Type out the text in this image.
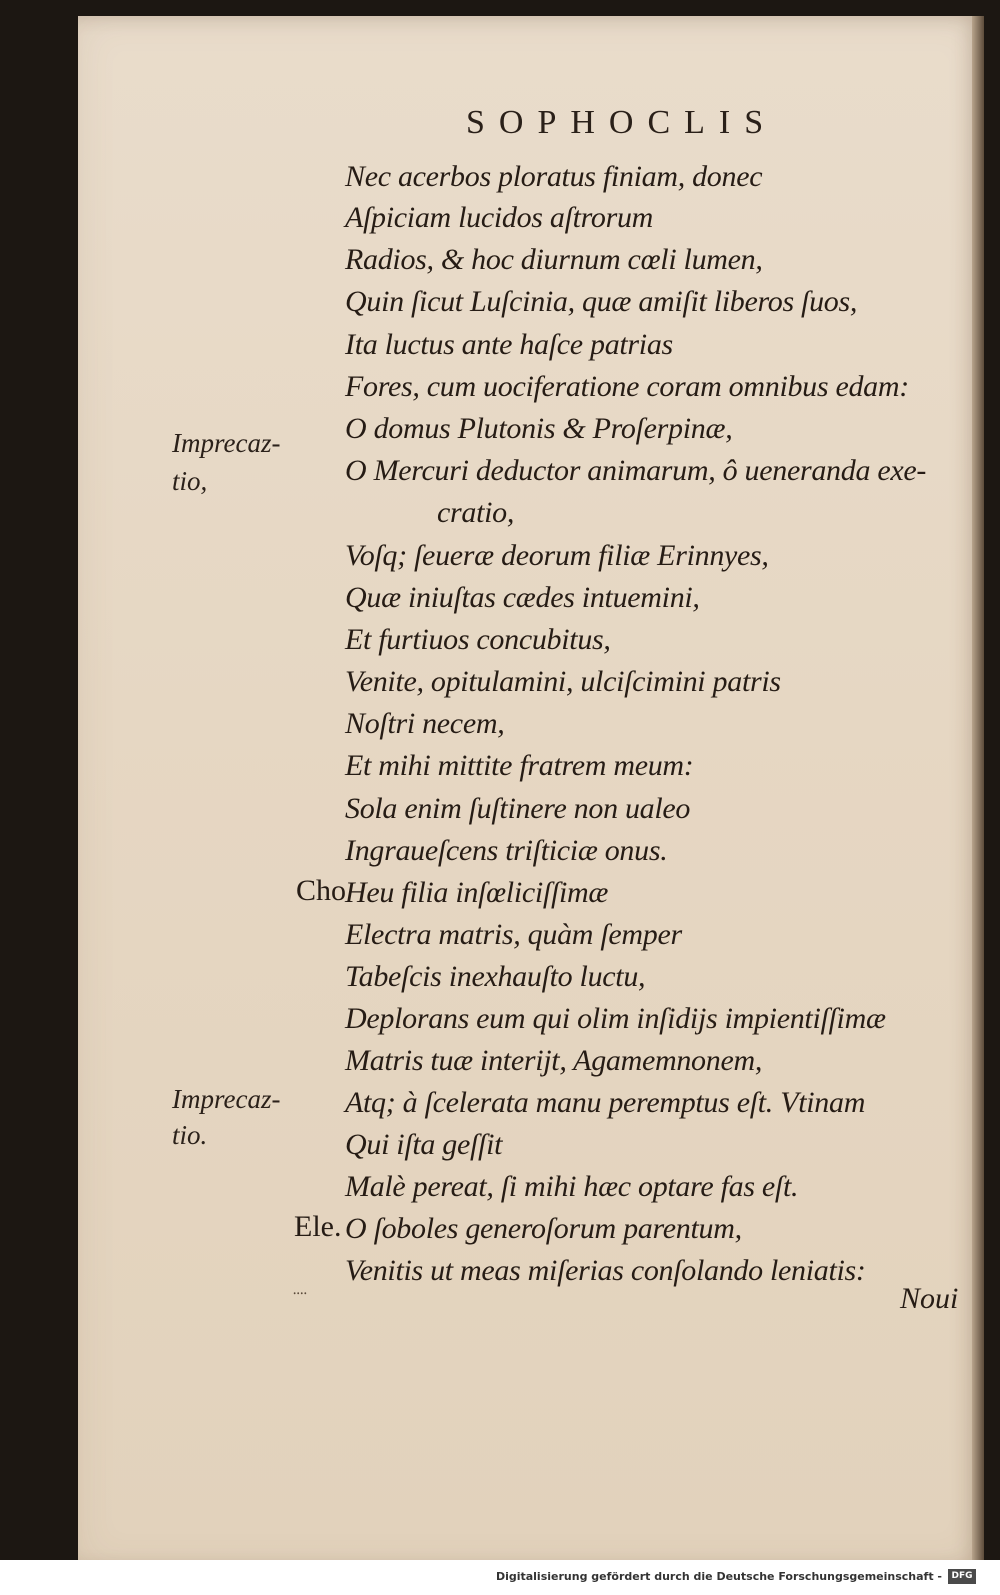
SOPHOCLIS
Nec acerbos ploratus finiam, donec
Aſpiciam lucidos aſtrorum
Radios, & hoc diurnum cœli lumen,
Quin ſicut Luſcinia, quæ amiſit liberos ſuos,
Ita luctus ante haſce patrias
Fores, cum uociferatione coram omnibus edam:
O domus Plutonis & Proſerpinæ,
O Mercuri deductor animarum, ô ueneranda exe-
cratio,
Voſq; ſeueræ deorum filiæ Erinnyes,
Quæ iniuſtas cædes intuemini,
Et furtiuos concubitus,
Venite, opitulamini, ulciſcimini patris
Noſtri necem,
Et mihi mittite fratrem meum:
Sola enim ſuſtinere non ualeo
Ingraueſcens triſticiæ onus.
Heu filia inſœliciſſimæ
Electra matris, quàm ſemper
Tabeſcis inexhauſto luctu,
Deplorans eum qui olim inſidijs impientiſſimæ
Matris tuæ interijt, Agamemnonem,
Atq; à ſcelerata manu peremptus eſt. Vtinam
Qui iſta geſſit
Malè pereat, ſi mihi hæc optare fas eſt.
O ſoboles generoſorum parentum,
Venitis ut meas miſerias conſolando leniatis:
Imprecaz-
tio,
Imprecaz-
tio.
Cho
Ele.
᠁	Noui
Digitalisierung gefördert durch die Deutsche Forschungsgemeinschaft -	DFG
